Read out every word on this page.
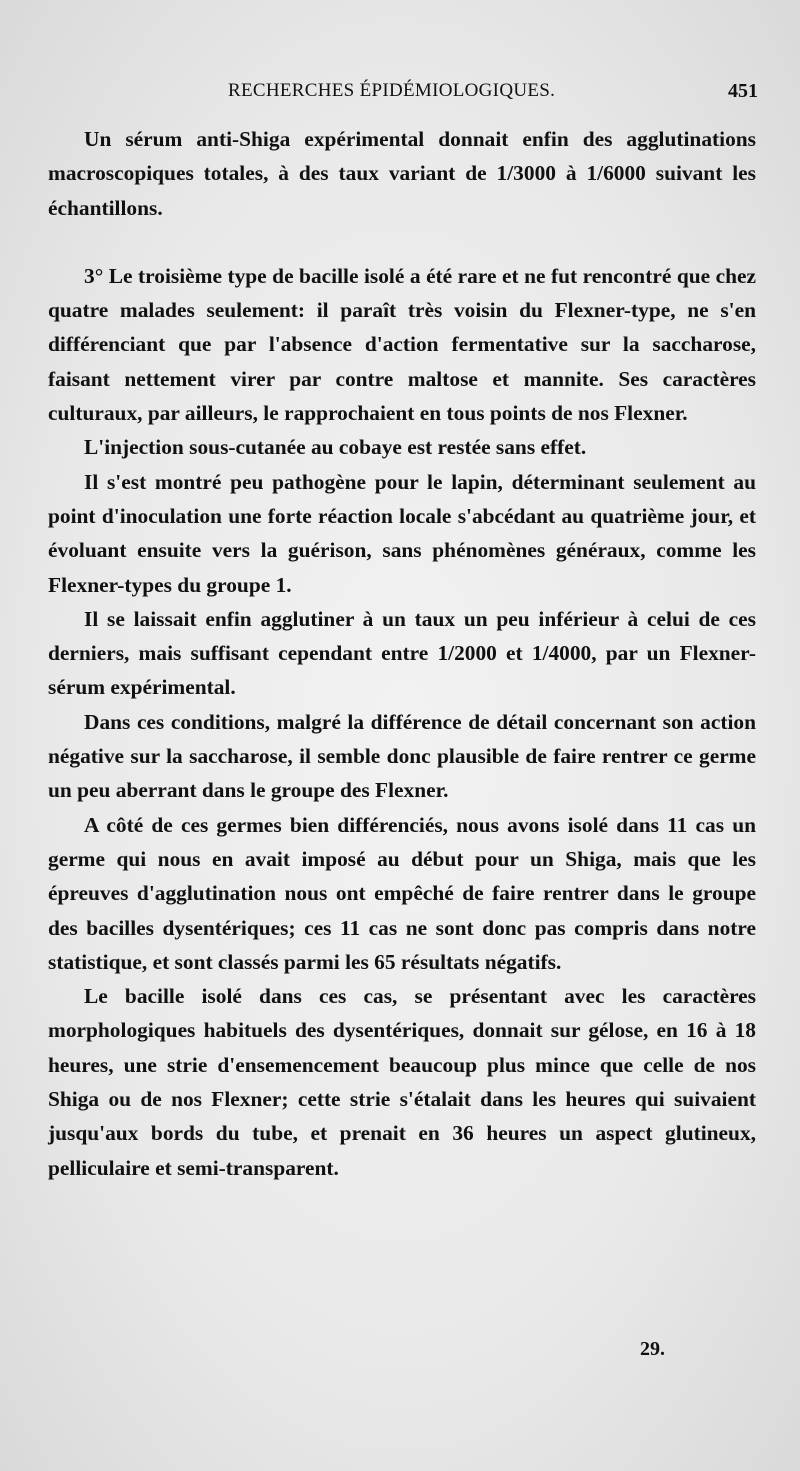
RECHERCHES ÉPIDÉMIOLOGIQUES.	451

Un sérum anti-Shiga expérimental donnait enfin des agglutinations macroscopiques totales, à des taux variant de 1/3000 à 1/6000 suivant les échantillons.

3° Le troisième type de bacille isolé a été rare et ne fut rencontré que chez quatre malades seulement: il paraît très voisin du Flexner-type, ne s'en différenciant que par l'absence d'action fermentative sur la saccharose, faisant nettement virer par contre maltose et mannite. Ses caractères culturaux, par ailleurs, le rapprochaient en tous points de nos Flexner.

L'injection sous-cutanée au cobaye est restée sans effet.

Il s'est montré peu pathogène pour le lapin, déterminant seulement au point d'inoculation une forte réaction locale s'abcédant au quatrième jour, et évoluant ensuite vers la guérison, sans phénomènes généraux, comme les Flexner-types du groupe 1.

Il se laissait enfin agglutiner à un taux un peu inférieur à celui de ces derniers, mais suffisant cependant entre 1/2000 et 1/4000, par un Flexner-sérum expérimental.

Dans ces conditions, malgré la différence de détail concernant son action négative sur la saccharose, il semble donc plausible de faire rentrer ce germe un peu aberrant dans le groupe des Flexner.

A côté de ces germes bien différenciés, nous avons isolé dans 11 cas un germe qui nous en avait imposé au début pour un Shiga, mais que les épreuves d'agglutination nous ont empêché de faire rentrer dans le groupe des bacilles dysentériques; ces 11 cas ne sont donc pas compris dans notre statistique, et sont classés parmi les 65 résultats négatifs.

Le bacille isolé dans ces cas, se présentant avec les caractères morphologiques habituels des dysentériques, donnait sur gélose, en 16 à 18 heures, une strie d'ensemencement beaucoup plus mince que celle de nos Shiga ou de nos Flexner; cette strie s'étalait dans les heures qui suivaient jusqu'aux bords du tube, et prenait en 36 heures un aspect glutineux, pelliculaire et semi-transparent.

29.
